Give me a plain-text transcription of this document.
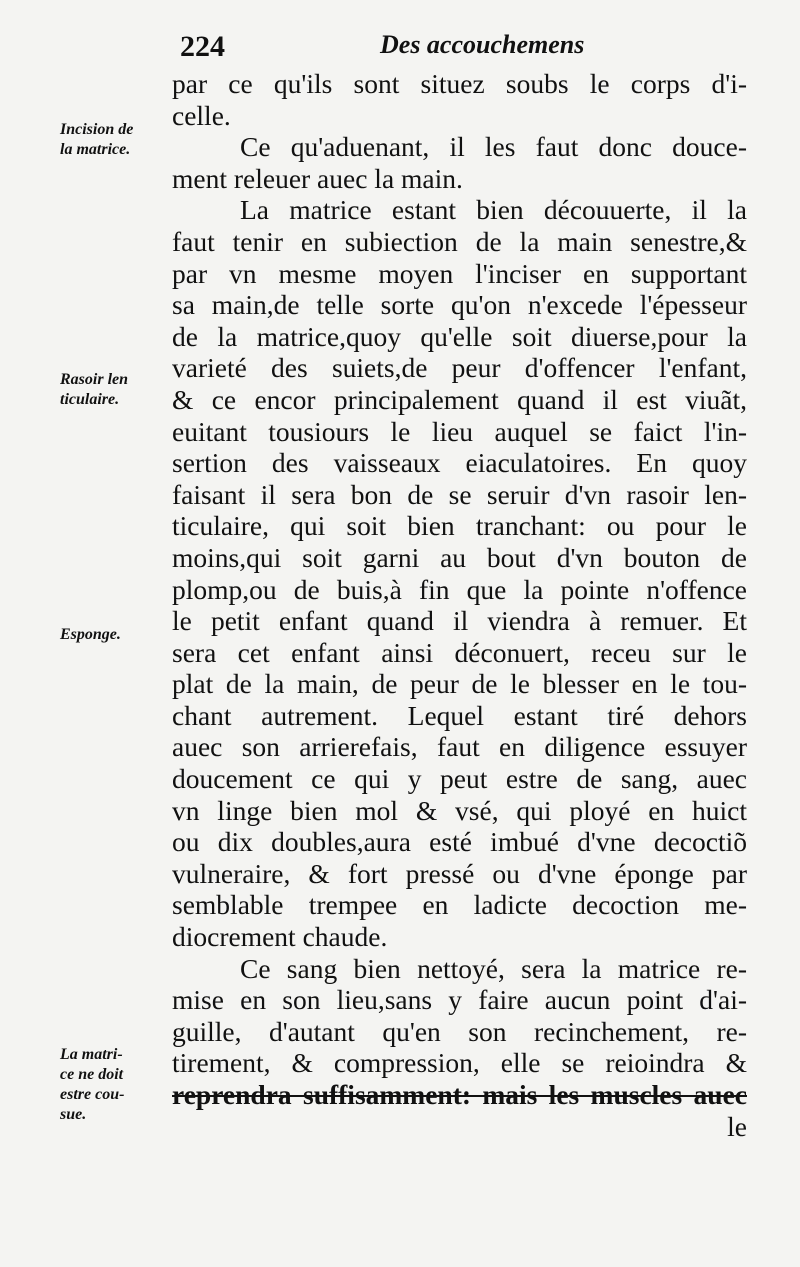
224	Des accouchemens
Incision de
la matrice.
Rasoir len
ticulaire.
Esponge.
La matri-
ce ne doit
estre cou-
sue.
par ce qu'ils sont situez soubs le corps d'i-
celle.
Ce qu'aduenant, il les faut donc douce-
ment releuer auec la main.
La matrice estant bien découuerte, il la
faut tenir en subiection de la main senestre,&
par vn mesme moyen l'inciser en supportant
sa main,de telle sorte qu'on n'excede l'épesseur
de la matrice,quoy qu'elle soit diuerse,pour la
varieté des suiets,de peur d'offencer l'enfant,
& ce encor principalement quand il est viuãt,
euitant tousiours le lieu auquel se faict l'in-
sertion des vaisseaux eiaculatoires. En quoy
faisant il sera bon de se seruir d'vn rasoir len-
ticulaire, qui soit bien tranchant: ou pour le
moins,qui soit garni au bout d'vn bouton de
plomp,ou de buis,à fin que la pointe n'offence
le petit enfant quand il viendra à remuer. Et
sera cet enfant ainsi déconuert, receu sur le
plat de la main, de peur de le blesser en le tou-
chant autrement. Lequel estant tiré dehors
auec son arrierefais, faut en diligence essuyer
doucement ce qui y peut estre de sang, auec
vn linge bien mol & vsé, qui ployé en huict
ou dix doubles,aura esté imbué d'vne decoctiõ
vulneraire, & fort pressé ou d'vne éponge par
semblable trempee en ladicte decoction me-
diocrement chaude.
Ce sang bien nettoyé, sera la matrice re-
mise en son lieu,sans y faire aucun point d'ai-
guille, d'autant qu'en son recinchement, re-
tirement, & compression, elle se reioindra &
reprendra suffisamment: mais les muscles auec
le
